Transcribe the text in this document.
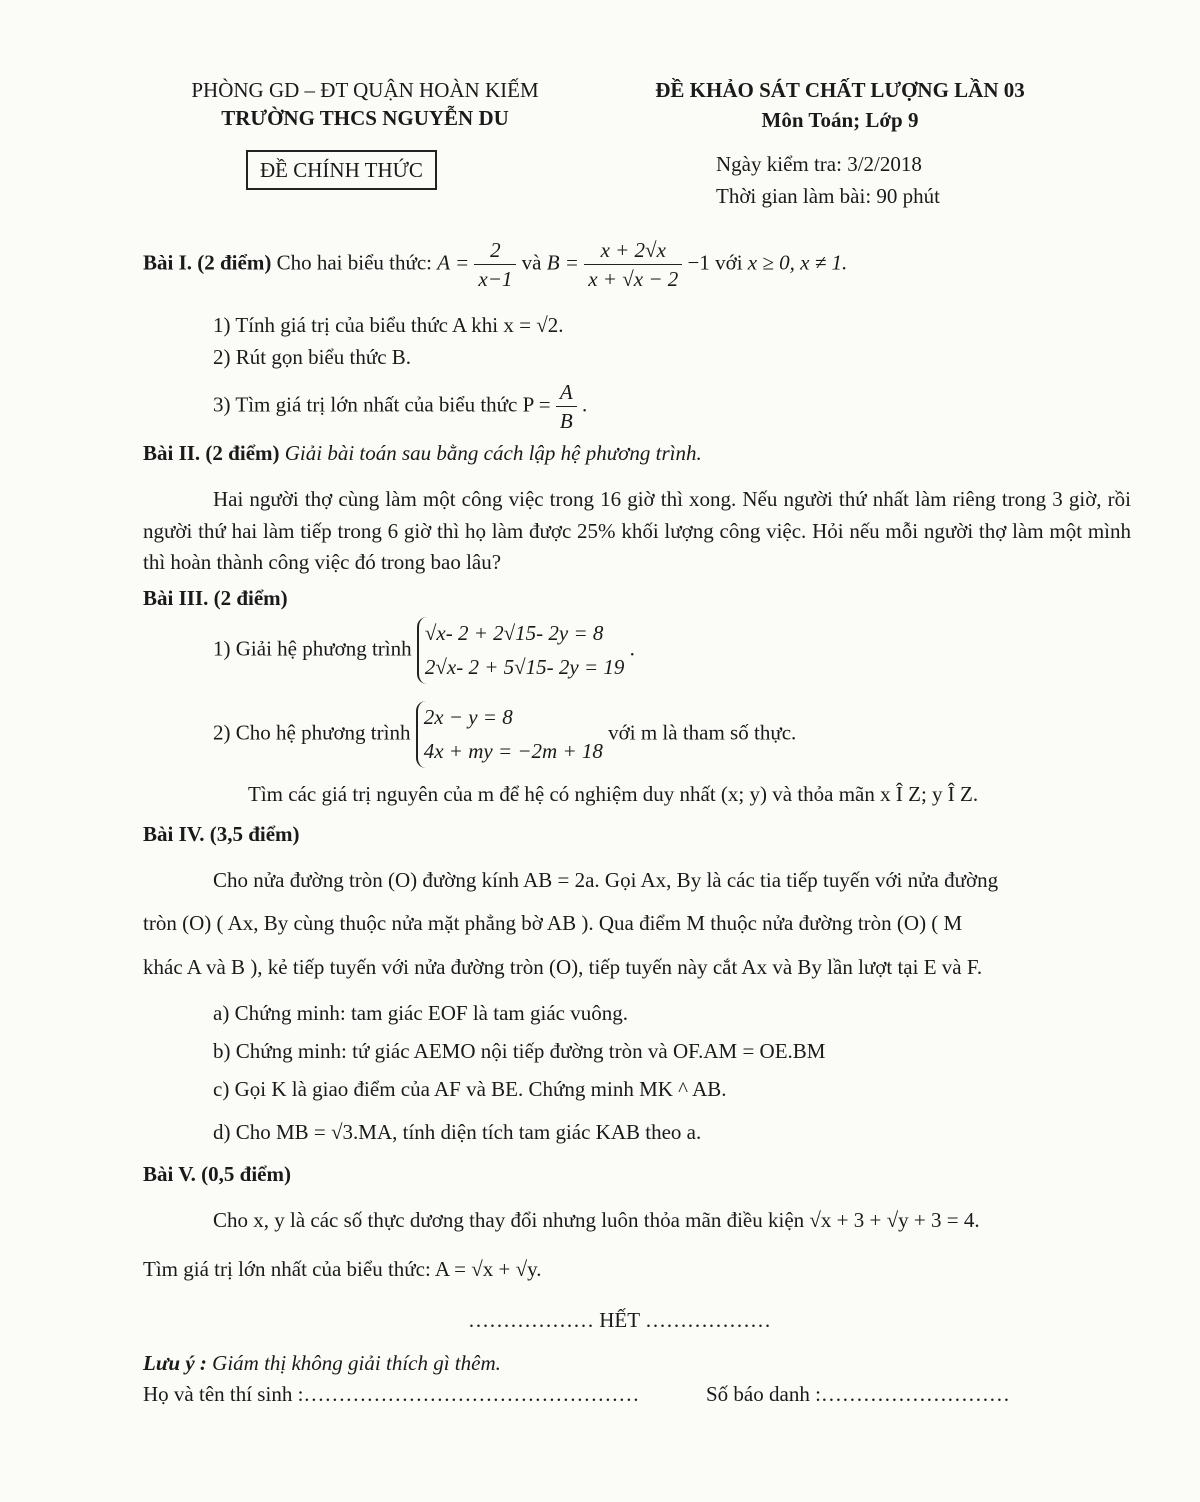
PHÒNG GD – ĐT QUẬN HOÀN KIẾM
TRƯỜNG THCS NGUYỄN DU
ĐỀ CHÍNH THỨC
ĐỀ KHẢO SÁT CHẤT LƯỢNG LẦN 03
Môn Toán; Lớp 9
Ngày kiểm tra: 3/2/2018
Thời gian làm bài: 90 phút
Bài I. (2 điểm) Cho hai biểu thức: $A = \frac{2}{x-1}$ và $B = \frac{x + 2√x}{x + √x - 2} -1$ với x ≥ 0, x ≠ 1.
1) Tính giá trị của biểu thức A khi x = √2.
2) Rút gọn biểu thức B.
3) Tìm giá trị lớn nhất của biểu thức $P = \frac{A}{B}$ .
Bài II. (2 điểm) Giải bài toán sau bằng cách lập hệ phương trình.
Hai người thợ cùng làm một công việc trong 16 giờ thì xong. Nếu người thứ nhất làm riêng trong 3 giờ, rồi người thứ hai làm tiếp trong 6 giờ thì họ làm được 25% khối lượng công việc. Hỏi nếu mỗi người thợ làm một mình thì hoàn thành công việc đó trong bao lâu?
Bài III. (2 điểm)
1) Giải hệ phương trình
√x- 2 + 2√15- 2y = 8
2√x- 2 + 5√15- 2y = 19
.
2) Cho hệ phương trình
2x − y = 8
4x + my = −2m + 18
với m là tham số thực.
Tìm các giá trị nguyên của m để hệ có nghiệm duy nhất (x; y) và thỏa mãn x Î Z; y Î Z.
Bài IV. (3,5 điểm)
Cho nửa đường tròn (O) đường kính AB = 2a. Gọi Ax, By là các tia tiếp tuyến với nửa đường
tròn (O) ( Ax, By cùng thuộc nửa mặt phẳng bờ AB ). Qua điểm M thuộc nửa đường tròn (O) ( M
khác A và B ), kẻ tiếp tuyến với nửa đường tròn (O), tiếp tuyến này cắt Ax và By lần lượt tại E và F.
a) Chứng minh: tam giác EOF là tam giác vuông.
b) Chứng minh: tứ giác AEMO nội tiếp đường tròn và OF.AM = OE.BM
c) Gọi K là giao điểm của AF và BE. Chứng minh MK ^ AB.
d) Cho MB = √3.MA, tính diện tích tam giác KAB theo a.
Bài V. (0,5 điểm)
Cho x, y là các số thực dương thay đổi nhưng luôn thỏa mãn điều kiện √x + 3 + √y + 3 = 4.
Tìm giá trị lớn nhất của biểu thức: A = √x + √y.
……………… HẾT ………………
Lưu ý : Giám thị không giải thích gì thêm.
Họ và tên thí sinh :…………………………………………	Số báo danh :………………………
